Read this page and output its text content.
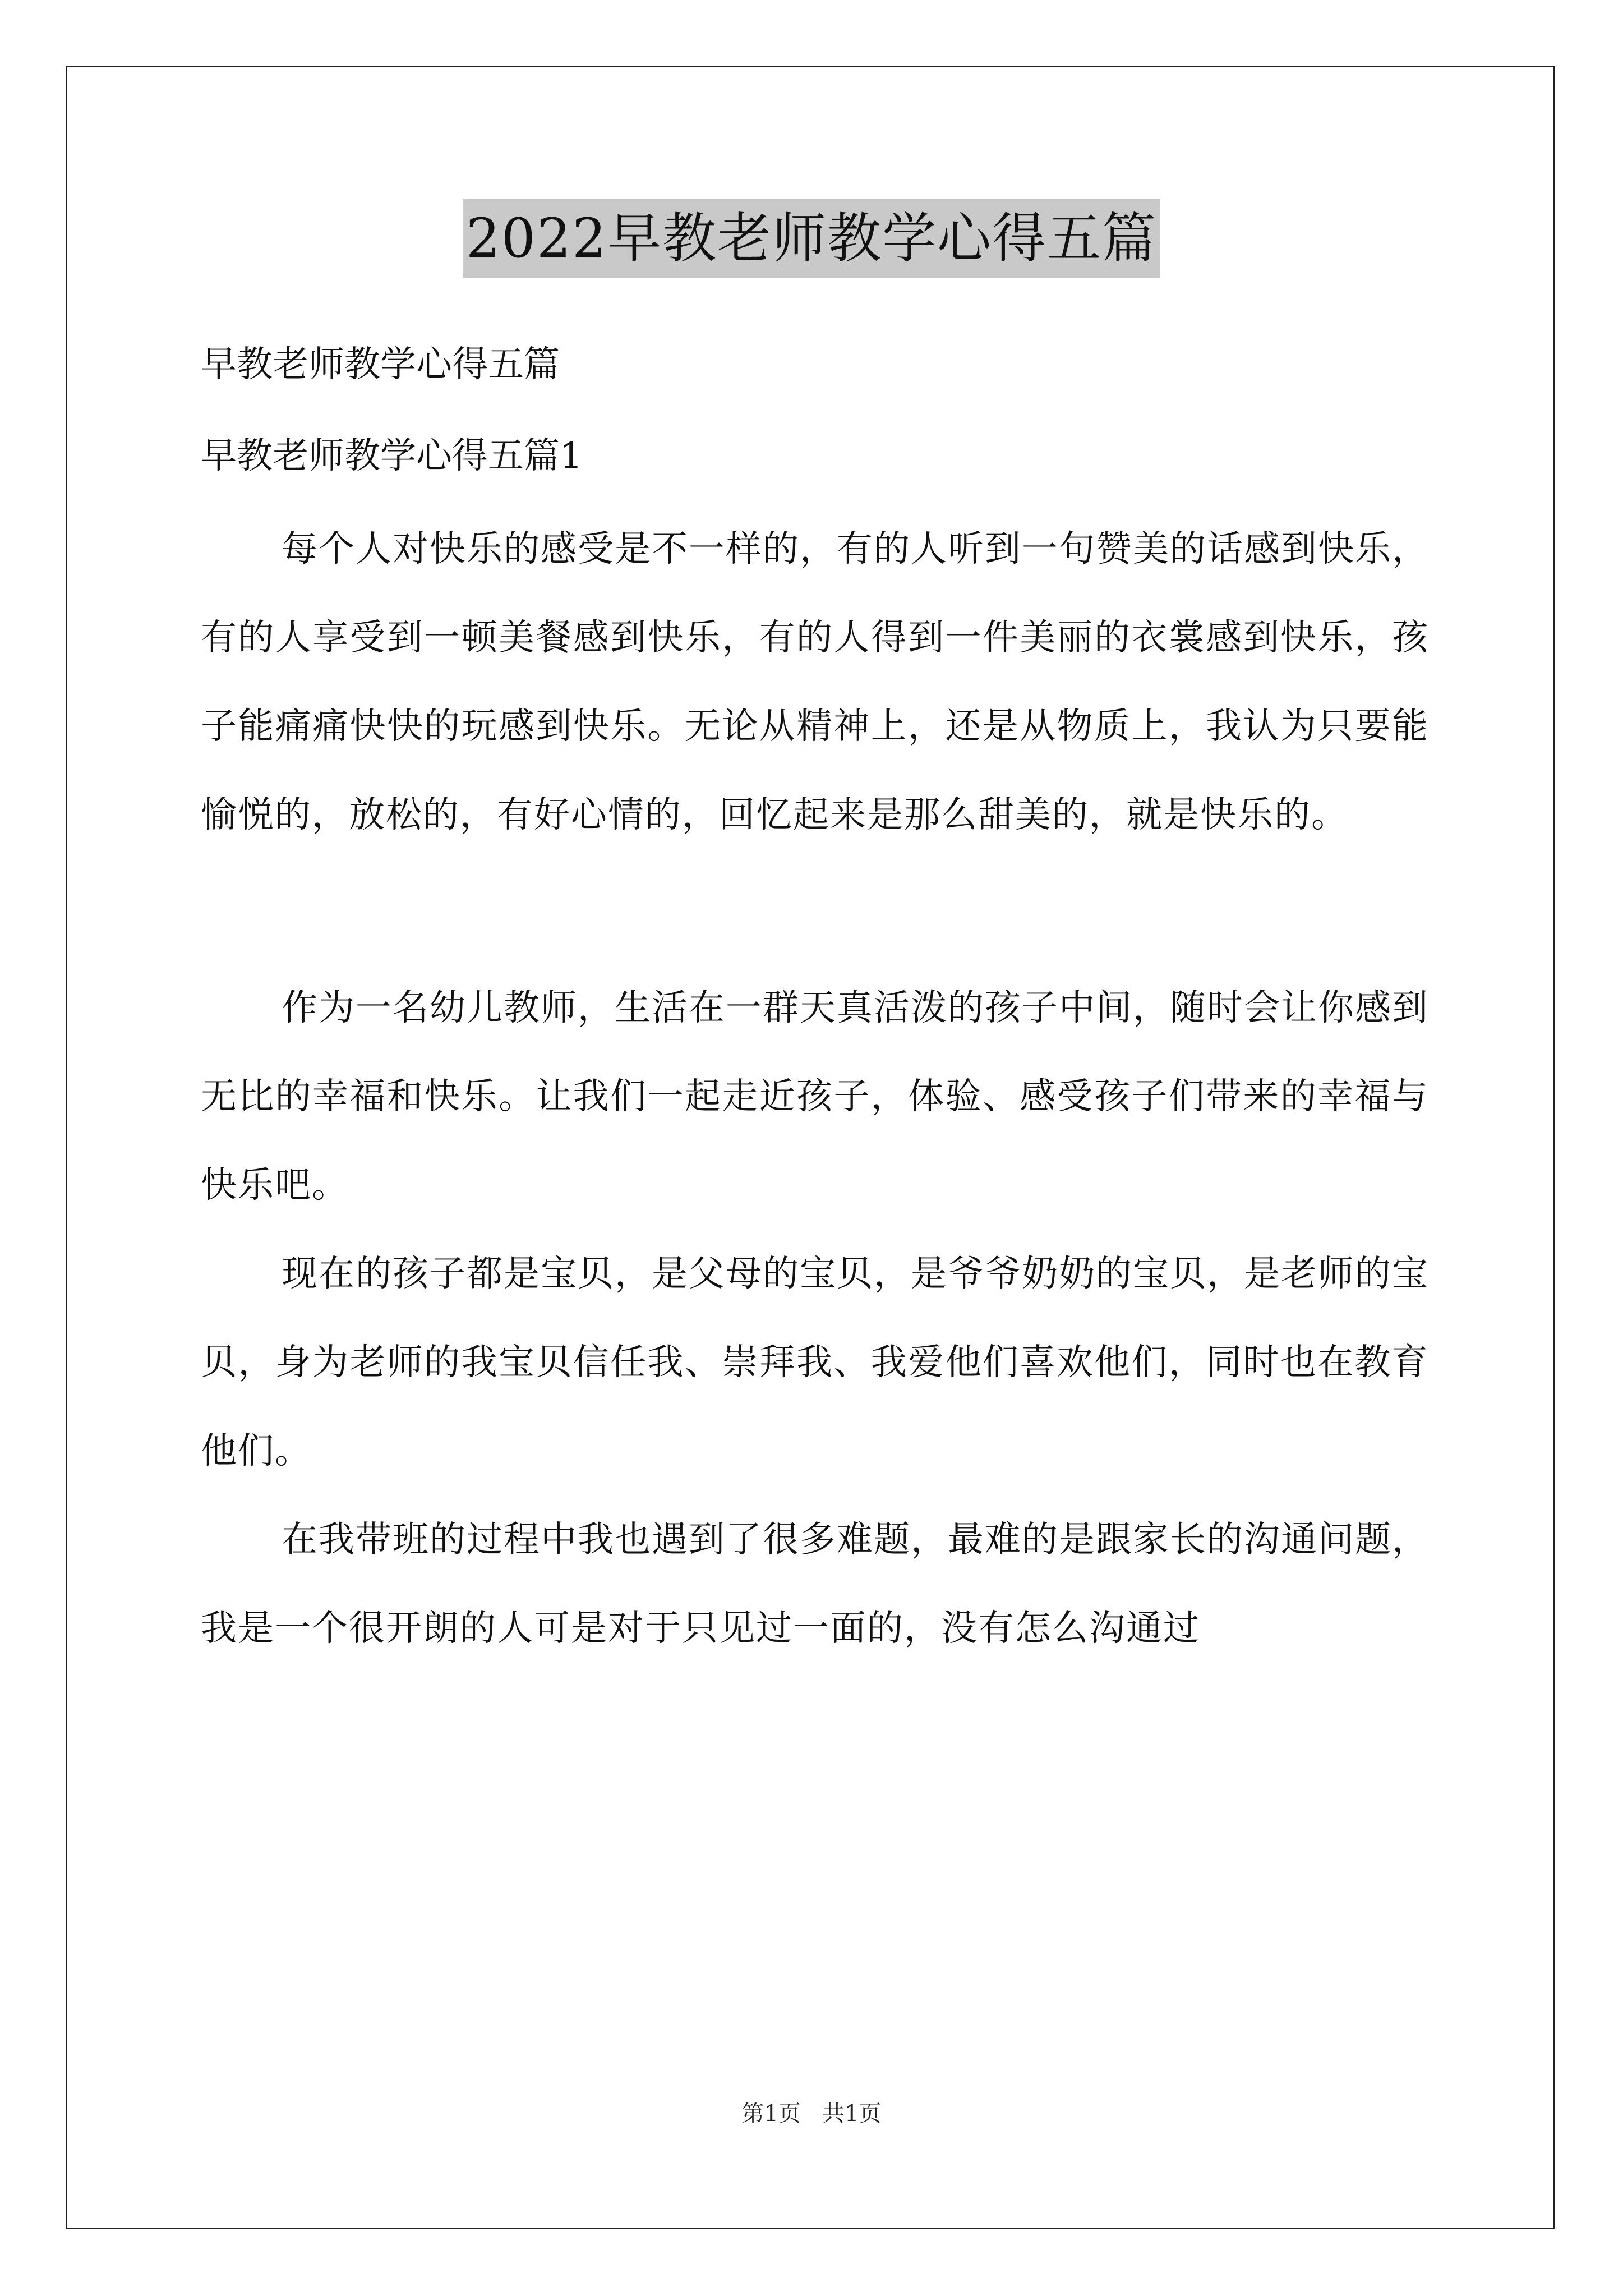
2022早教老师教学心得五篇

早教老师教学心得五篇

早教老师教学心得五篇1

每个人对快乐的感受是不一样的，有的人听到一句赞美的话感到快乐，有的人享受到一顿美餐感到快乐，有的人得到一件美丽的衣裳感到快乐，孩子能痛痛快快的玩感到快乐。无论从精神上，还是从物质上，我认为只要能愉悦的，放松的，有好心情的，回忆起来是那么甜美的，就是快乐的。

作为一名幼儿教师，生活在一群天真活泼的孩子中间，随时会让你感到无比的幸福和快乐。让我们一起走近孩子，体验、感受孩子们带来的幸福与快乐吧。

现在的孩子都是宝贝，是父母的宝贝，是爷爷奶奶的宝贝，是老师的宝贝，身为老师的我宝贝信任我、崇拜我、我爱他们喜欢他们，同时也在教育他们。

在我带班的过程中我也遇到了很多难题，最难的是跟家长的沟通问题，我是一个很开朗的人可是对于只见过一面的，没有怎么沟通过

第1页   共1页
